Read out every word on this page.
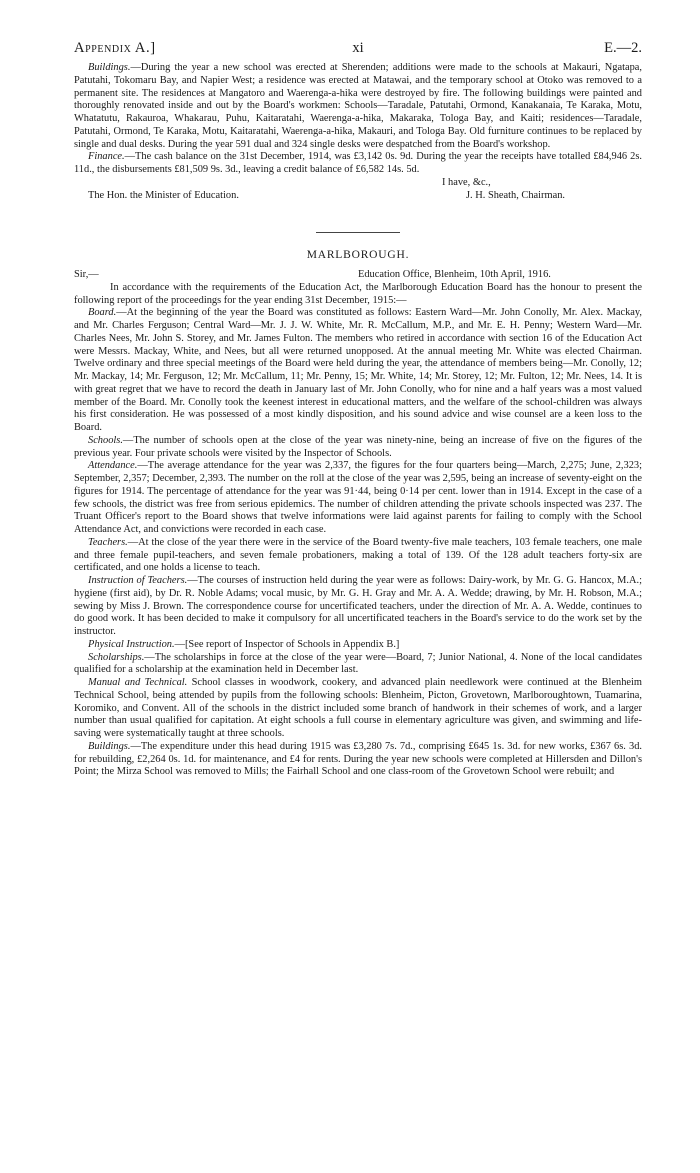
Appendix A.]	xi	E.—2.

Buildings.—During the year a new school was erected at Sherenden; additions were made to the schools at Makauri, Ngatapa, Patutahi, Tokomaru Bay, and Napier West; a residence was erected at Matawai, and the temporary school at Otoko was removed to a permanent site. The residences at Mangatoro and Waerenga-a-hika were destroyed by fire. The following buildings were painted and thoroughly renovated inside and out by the Board's workmen: Schools—Taradale, Patutahi, Ormond, Kanakanaia, Te Karaka, Motu, Whatatutu, Rakauroa, Whakarau, Puhu, Kaitaratahi, Waerenga-a-hika, Makaraka, Tologa Bay, and Kaiti; residences—Taradale, Patutahi, Ormond, Te Karaka, Motu, Kaitaratahi, Waerenga-a-hika, Makauri, and Tologa Bay. Old furniture continues to be replaced by single and dual desks. During the year 591 dual and 324 single desks were despatched from the Board's workshop.

Finance.—The cash balance on the 31st December, 1914, was £3,142 0s. 9d. During the year the receipts have totalled £84,946 2s. 11d., the disbursements £81,509 9s. 3d., leaving a credit balance of £6,582 14s. 5d.

I have, &c.,
The Hon. the Minister of Education.	J. H. Sheath, Chairman.
MARLBOROUGH.
Sir,—	Education Office, Blenheim, 10th April, 1916.

In accordance with the requirements of the Education Act, the Marlborough Education Board has the honour to present the following report of the proceedings for the year ending 31st December, 1915:—

Board.—At the beginning of the year the Board was constituted as follows: Eastern Ward—Mr. John Conolly, Mr. Alex. Mackay, and Mr. Charles Ferguson; Central Ward—Mr. J. J. W. White, Mr. R. McCallum, M.P., and Mr. E. H. Penny; Western Ward—Mr. Charles Nees, Mr. John S. Storey, and Mr. James Fulton. The members who retired in accordance with section 16 of the Education Act were Messrs. Mackay, White, and Nees, but all were returned unopposed. At the annual meeting Mr. White was elected Chairman. Twelve ordinary and three special meetings of the Board were held during the year, the attendance of members being—Mr. Conolly, 12; Mr. Mackay, 14; Mr. Ferguson, 12; Mr. McCallum, 11; Mr. Penny, 15; Mr. White, 14; Mr. Storey, 12; Mr. Fulton, 12; Mr. Nees, 14. It is with great regret that we have to record the death in January last of Mr. John Conolly, who for nine and a half years was a most valued member of the Board. Mr. Conolly took the keenest interest in educational matters, and the welfare of the school-children was always his first consideration. He was possessed of a most kindly disposition, and his sound advice and wise counsel are a keen loss to the Board.

Schools.—The number of schools open at the close of the year was ninety-nine, being an increase of five on the figures of the previous year. Four private schools were visited by the Inspector of Schools.

Attendance.—The average attendance for the year was 2,337, the figures for the four quarters being—March, 2,275; June, 2,323; September, 2,357; December, 2,393. The number on the roll at the close of the year was 2,595, being an increase of seventy-eight on the figures for 1914. The percentage of attendance for the year was 91·44, being 0·14 per cent. lower than in 1914. Except in the case of a few schools, the district was free from serious epidemics. The number of children attending the private schools inspected was 237. The Truant Officer's report to the Board shows that twelve informations were laid against parents for failing to comply with the School Attendance Act, and convictions were recorded in each case.

Teachers.—At the close of the year there were in the service of the Board twenty-five male teachers, 103 female teachers, one male and three female pupil-teachers, and seven female probationers, making a total of 139. Of the 128 adult teachers forty-six are certificated, and one holds a license to teach.

Instruction of Teachers.—The courses of instruction held during the year were as follows: Dairy-work, by Mr. G. G. Hancox, M.A.; hygiene (first aid), by Dr. R. Noble Adams; vocal music, by Mr. G. H. Gray and Mr. A. A. Wedde; drawing, by Mr. H. Robson, M.A.; sewing by Miss J. Brown. The correspondence course for uncertificated teachers, under the direction of Mr. A. A. Wedde, continues to do good work. It has been decided to make it compulsory for all uncertificated teachers in the Board's service to do the work set by the instructor.

Physical Instruction.—[See report of Inspector of Schools in Appendix B.]

Scholarships.—The scholarships in force at the close of the year were—Board, 7; Junior National, 4. None of the local candidates qualified for a scholarship at the examination held in December last.

Manual and Technical. School classes in woodwork, cookery, and advanced plain needlework were continued at the Blenheim Technical School, being attended by pupils from the following schools: Blenheim, Picton, Grovetown, Marlboroughtown, Tuamarina, Koromiko, and Convent. All of the schools in the district included some branch of handwork in their schemes of work, and a larger number than usual qualified for capitation. At eight schools a full course in elementary agriculture was given, and swimming and life-saving were systematically taught at three schools.

Buildings.—The expenditure under this head during 1915 was £3,280 7s. 7d., comprising £645 1s. 3d. for new works, £367 6s. 3d. for rebuilding, £2,264 0s. 1d. for maintenance, and £4 for rents. During the year new schools were completed at Hillersden and Dillon's Point; the Mirza School was removed to Mills; the Fairhall School and one class-room of the Grovetown School were rebuilt; and
